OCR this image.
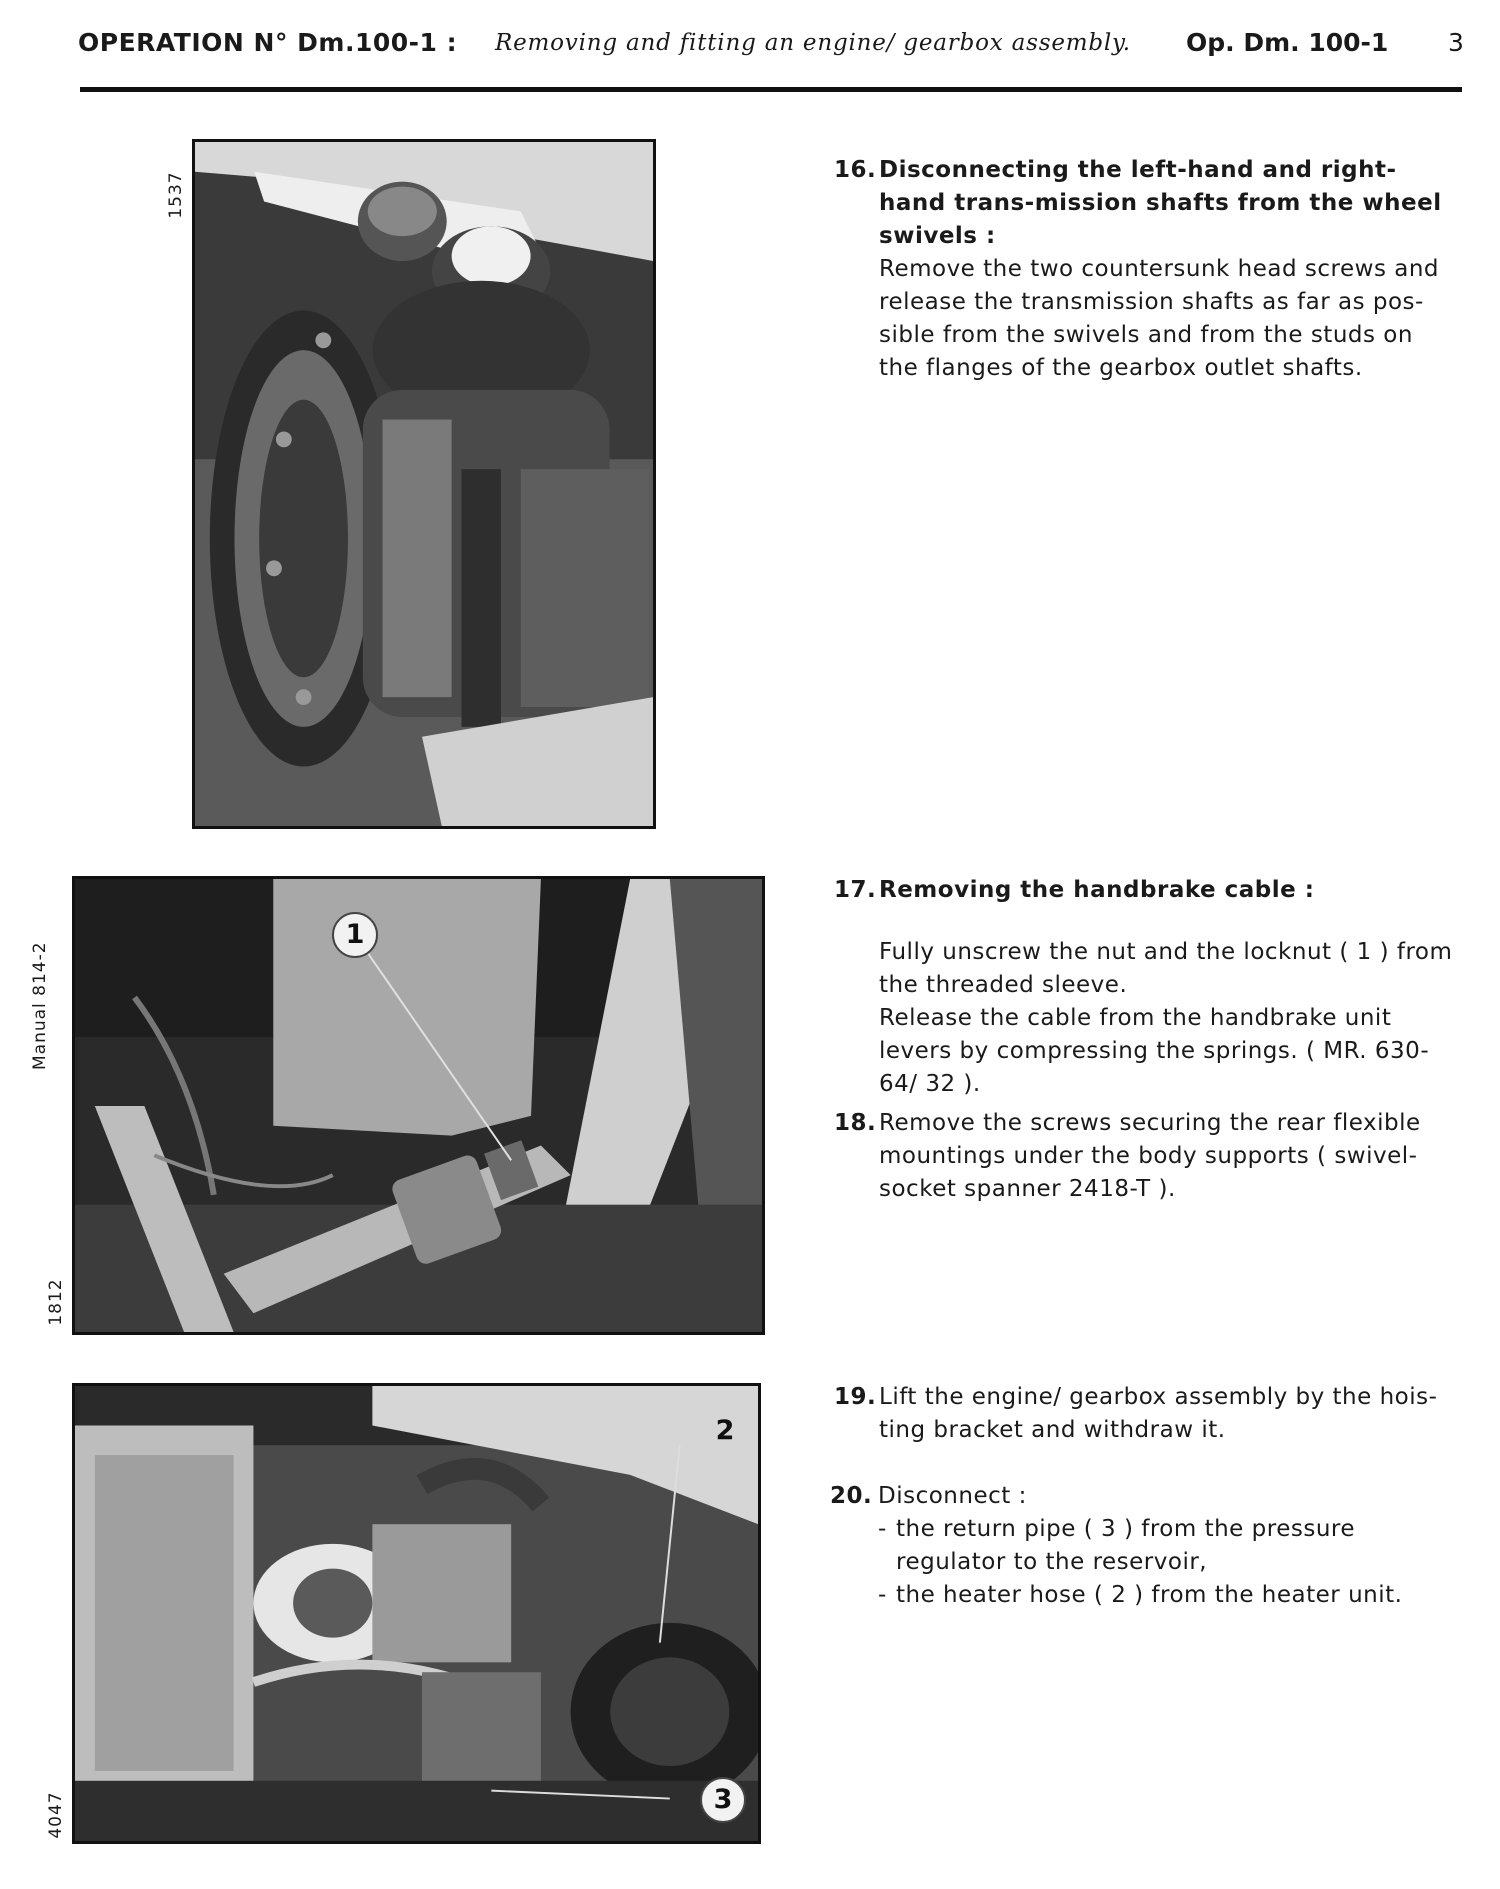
OPERATION N° Dm.100-1 : Removing and fitting an engine/ gearbox assembly. Op. Dm. 100-1 3
1537
Manual 814-2
1812
4047
1
2
3
16. Disconnecting the left-hand and right-hand trans-mission shafts from the wheel swivels :
Remove the two countersunk head screws and release the transmission shafts as far as pos-sible from the swivels and from the studs on the flanges of the gearbox outlet shafts.
17. Removing the handbrake cable :

Fully unscrew the nut and the locknut ( 1 ) from the threaded sleeve.

Release the cable from the handbrake unit levers by compressing the springs. ( MR. 630-64/ 32 ).

18. Remove the screws securing the rear flexible mountings under the body supports ( swivel-socket spanner 2418-T ).
19. Lift the engine/ gearbox assembly by the hois-ting bracket and withdraw it.
20. Disconnect :

- the return pipe ( 3 ) from the pressure regulator to the reservoir,

- the heater hose ( 2 ) from the heater unit.
